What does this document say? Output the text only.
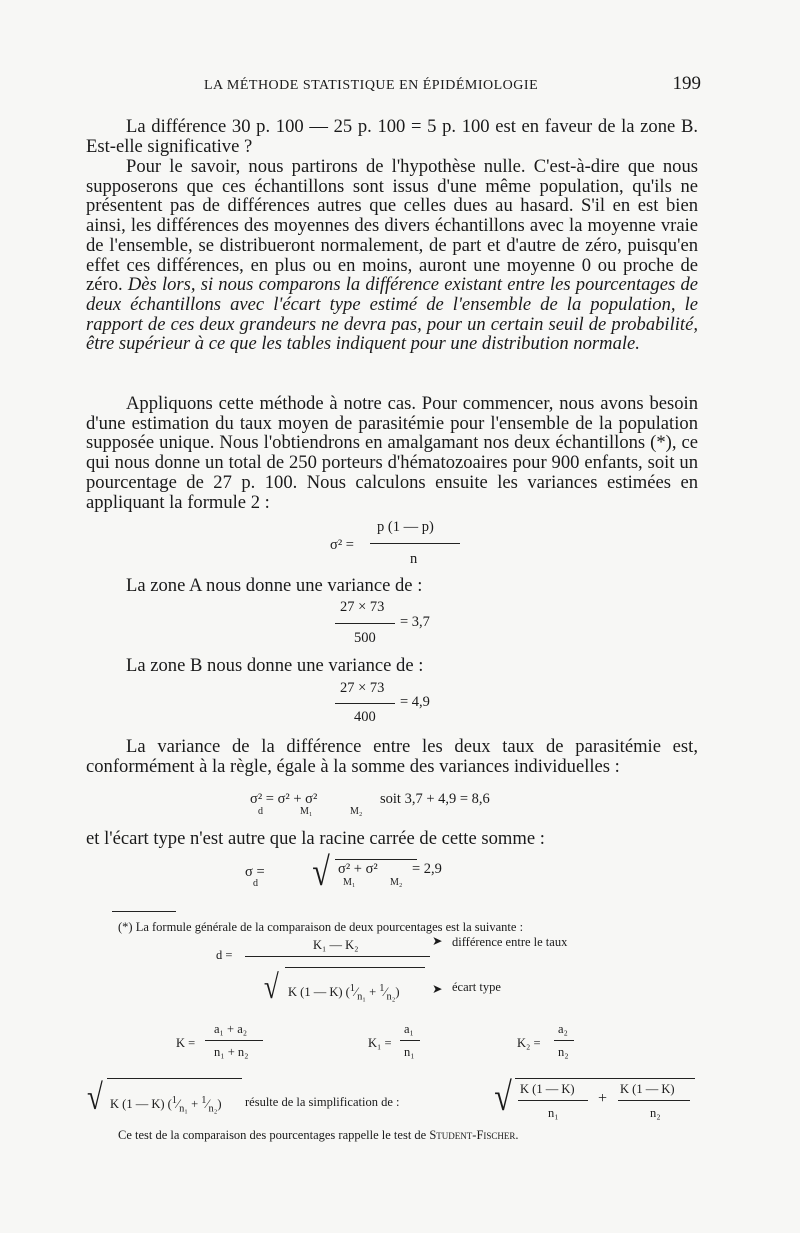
LA MÉTHODE STATISTIQUE EN ÉPIDÉMIOLOGIE	199

La différence 30 p. 100 — 25 p. 100 = 5 p. 100 est en faveur de la zone B. Est-elle significative ?

Pour le savoir, nous partirons de l'hypothèse nulle. C'est-à-dire que nous supposerons que ces échantillons sont issus d'une même population, qu'ils ne présentent pas de différences autres que celles dues au hasard. S'il en est bien ainsi, les différences des moyennes des divers échantillons avec la moyenne vraie de l'ensemble, se distribueront normalement, de part et d'autre de zéro, puisqu'en effet ces différences, en plus ou en moins, auront une moyenne 0 ou proche de zéro. Dès lors, si nous comparons la différence existant entre les pourcentages de deux échantillons avec l'écart type estimé de l'ensemble de la population, le rapport de ces deux grandeurs ne devra pas, pour un certain seuil de probabilité, être supérieur à ce que les tables indiquent pour une distribution normale.

Appliquons cette méthode à notre cas. Pour commencer, nous avons besoin d'une estimation du taux moyen de parasitémie pour l'ensemble de la population supposée unique. Nous l'obtiendrons en amalgamant nos deux échantillons (*), ce qui nous donne un total de 250 porteurs d'hématozoaires pour 900 enfants, soit un pourcentage de 27 p. 100. Nous calculons ensuite les variances estimées en appliquant la formule 2 :

σ² =
p (1 — p)
n

La zone A nous donne une variance de :

27 × 73
= 3,7
500

La zone B nous donne une variance de :

27 × 73
= 4,9
400

La variance de la différence entre les deux taux de parasitémie est, conformément à la règle, égale à la somme des variances individuelles :

σ² = σ² + σ²
d	M₁	M₂
soit 3,7 + 4,9 = 8,6

et l'écart type n'est autre que la racine carrée de cette somme :

σ =
d √ σ² + σ²
M₁	M₂
= 2,9
(*) La formule générale de la comparaison de deux pourcentages est la suivante :
d =
K₁ — K₂	➤ différence entre le taux
√ K (1 — K) ($^1⁄_{n_1}$ + $^1⁄_{n_2}$)	➤ écart type
K =
a₁ + a₂
n₁ + n₂
K₁ =
a₁
n₁
K₂ =
a₂
n₂
√ K (1 — K) ($^1⁄_{n_1}$ + $^1⁄_{n_2}$) résulte de la simplification de : √ K (1 — K)
n₁
+
K (1 — K)
n₂
Ce test de la comparaison des pourcentages rappelle le test de Student-Fischer.
